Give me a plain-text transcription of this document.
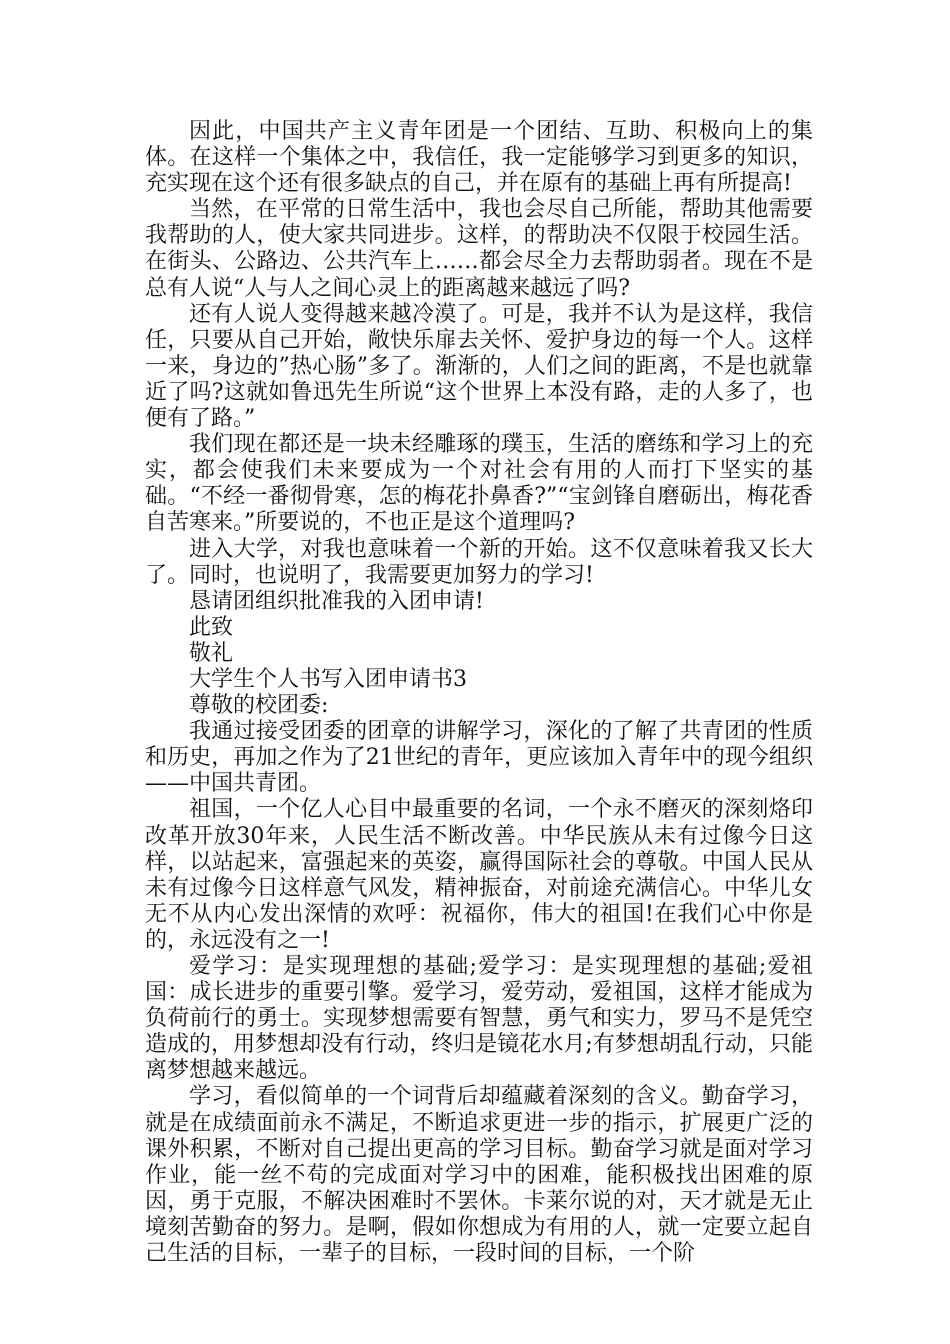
因此，中国共产主义青年团是一个团结、互助、积极向上的集体。在这样一个集体之中，我信任，我一定能够学习到更多的知识，充实现在这个还有很多缺点的自己，并在原有的基础上再有所提高!

当然，在平常的日常生活中，我也会尽自己所能，帮助其他需要我帮助的人，使大家共同进步。这样，的帮助决不仅限于校园生活。在街头、公路边、公共汽车上……都会尽全力去帮助弱者。现在不是总有人说“人与人之间心灵上的距离越来越远了吗?

还有人说人变得越来越冷漠了。可是，我并不认为是这样，我信任，只要从自己开始，敞快乐扉去关怀、爱护身边的每一个人。这样一来，身边的”热心肠”多了。渐渐的，人们之间的距离，不是也就靠近了吗?这就如鲁迅先生所说“这个世界上本没有路，走的人多了，也便有了路。”

我们现在都还是一块未经雕琢的璞玉，生活的磨练和学习上的充实，都会使我们未来要成为一个对社会有用的人而打下坚实的基础。“不经一番彻骨寒，怎的梅花扑鼻香?”“宝剑锋自磨砺出，梅花香自苦寒来。”所要说的，不也正是这个道理吗?

进入大学，对我也意味着一个新的开始。这不仅意味着我又长大了。同时，也说明了，我需要更加努力的学习!

恳请团组织批准我的入团申请!

此致

敬礼

大学生个人书写入团申请书3

尊敬的校团委:

我通过接受团委的团章的讲解学习，深化的了解了共青团的性质和历史，再加之作为了21世纪的青年，更应该加入青年中的现今组织——中国共青团。

祖国，一个亿人心目中最重要的名词，一个永不磨灭的深刻烙印改革开放30年来，人民生活不断改善。中华民族从未有过像今日这样，以站起来，富强起来的英姿，赢得国际社会的尊敬。中国人民从未有过像今日这样意气风发，精神振奋，对前途充满信心。中华儿女无不从内心发出深情的欢呼：祝福你，伟大的祖国!在我们心中你是的，永远没有之一!

爱学习：是实现理想的基础;爱学习：是实现理想的基础;爱祖国：成长进步的重要引擎。爱学习，爱劳动，爱祖国，这样才能成为负荷前行的勇士。实现梦想需要有智慧，勇气和实力，罗马不是凭空造成的，用梦想却没有行动，终归是镜花水月;有梦想胡乱行动，只能离梦想越来越远。

学习，看似简单的一个词背后却蕴藏着深刻的含义。勤奋学习，就是在成绩面前永不满足，不断追求更进一步的指示，扩展更广泛的课外积累，不断对自己提出更高的学习目标。勤奋学习就是面对学习作业，能一丝不苟的完成面对学习中的困难，能积极找出困难的原因，勇于克服，不解决困难时不罢休。卡莱尔说的对，天才就是无止境刻苦勤奋的努力。是啊，假如你想成为有用的人，就一定要立起自己生活的目标，一辈子的目标，一段时间的目标，一个阶
